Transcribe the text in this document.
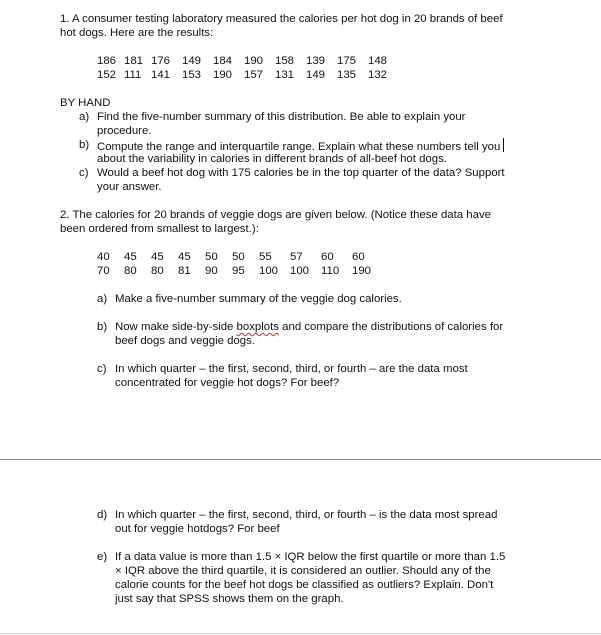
1. A consumer testing laboratory measured the calories per hot dog in 20 brands of beef
hot dogs. Here are the results:
186 181 176	149	184	190	158	139	175	148
152 111 141	153	190	157	131	149	135	132
BY HAND
a) Find the five-number summary of this distribution. Be able to explain your
procedure.
b) Compute the range and interquartile range. Explain what these numbers tell you
about the variability in calories in different brands of all-beef hot dogs.
c) Would a beef hot dog with 175 calories be in the top quarter of the data? Support
your answer.
2. The calories for 20 brands of veggie dogs are given below. (Notice these data have
been ordered from smallest to largest.):
40	45	45	45	50	50	55	57	60	60
70	80	80	81	90	95	100	100	110	190
a) Make a five-number summary of the veggie dog calories.
b) Now make side-by-side boxplots and compare the distributions of calories for
beef dogs and veggie dogs.
c) In which quarter – the first, second, third, or fourth – are the data most
concentrated for veggie hot dogs? For beef?
d) In which quarter – the first, second, third, or fourth – is the data most spread
out for veggie hotdogs? For beef
e) If a data value is more than 1.5 × IQR below the first quartile or more than 1.5
× IQR above the third quartile, it is considered an outlier. Should any of the
calorie counts for the beef hot dogs be classified as outliers? Explain. Don't
just say that SPSS shows them on the graph.
